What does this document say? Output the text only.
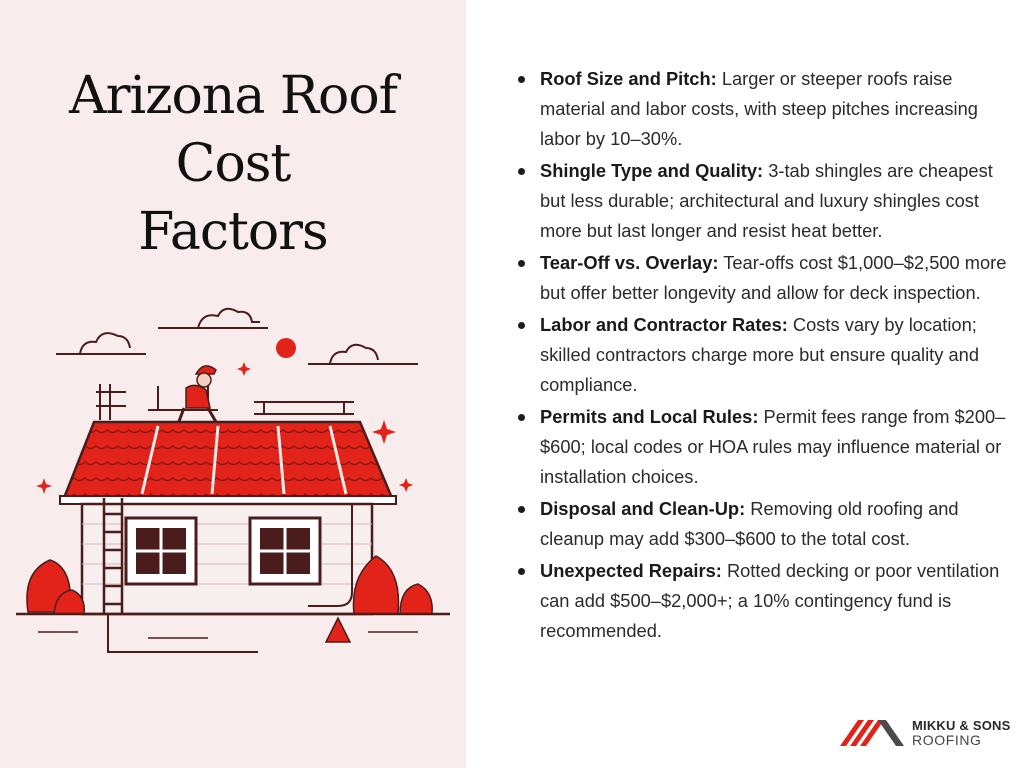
Arizona Roof
Cost
Factors
Roof Size and Pitch: Larger or steeper roofs raise material and labor costs, with steep pitches increasing labor by 10–30%.
Shingle Type and Quality: 3-tab shingles are cheapest but less durable; architectural and luxury shingles cost more but last longer and resist heat better.
Tear-Off vs. Overlay: Tear-offs cost $1,000–$2,500 more but offer better longevity and allow for deck inspection.
Labor and Contractor Rates: Costs vary by location; skilled contractors charge more but ensure quality and compliance.
Permits and Local Rules: Permit fees range from $200–$600; local codes or HOA rules may influence material or installation choices.
Disposal and Clean-Up: Removing old roofing and cleanup may add $300–$600 to the total cost.
Unexpected Repairs: Rotted decking or poor ventilation can add $500–$2,000+; a 10% contingency fund is recommended.
MIKKU & SONS
ROOFING
